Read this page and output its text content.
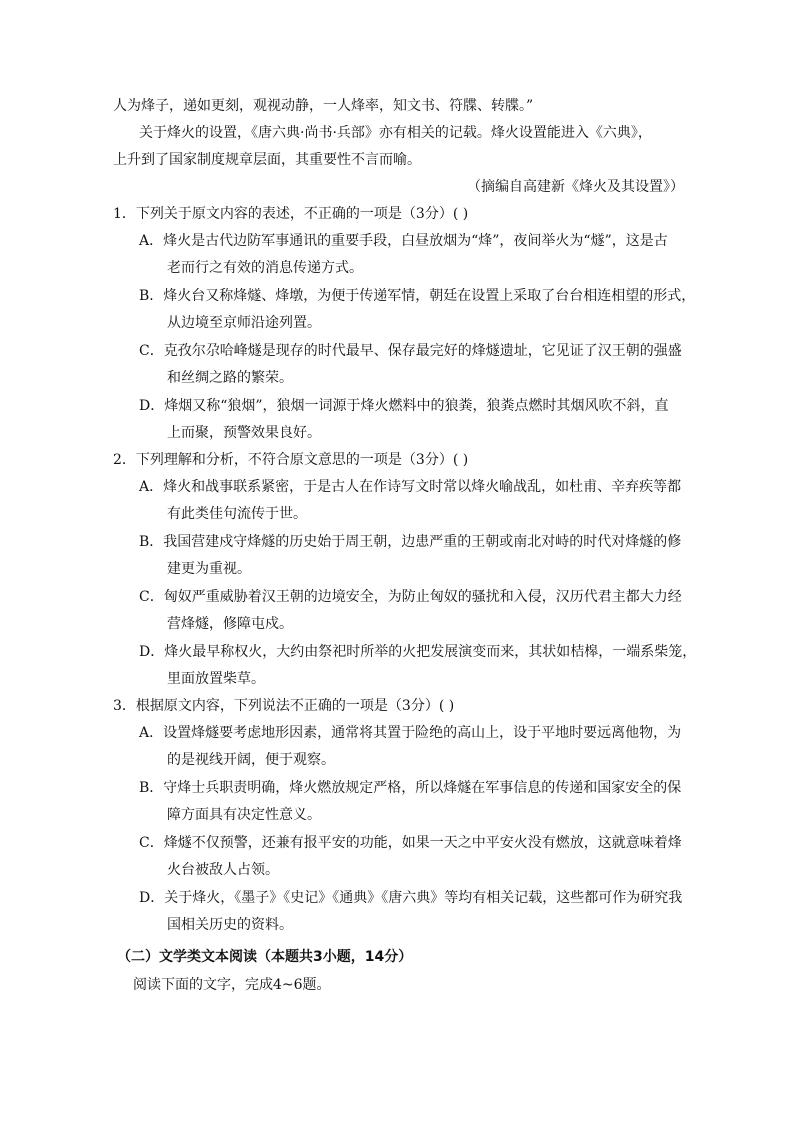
人为烽子，递如更刻，观视动静，一人烽率，知文书、符牒、转牒。”
关于烽火的设置，《唐六典·尚书·兵部》亦有相关的记载。烽火设置能进入《六典》，
上升到了国家制度规章层面，其重要性不言而喻。
（摘编自高建新《烽火及其设置》）
1．下列关于原文内容的表述，不正确的一项是（3分）( )
A．烽火是古代边防军事通讯的重要手段，白昼放烟为“烽”，夜间举火为“燧”，这是古
老而行之有效的消息传递方式。
B．烽火台又称烽燧、烽墩，为便于传递军情，朝廷在设置上采取了台台相连相望的形式，
从边境至京师沿途列置。
C．克孜尔尕哈峰燧是现存的时代最早、保存最完好的烽燧遗址，它见证了汉王朝的强盛
和丝绸之路的繁荣。
D．烽烟又称“狼烟”，狼烟一词源于烽火燃料中的狼粪，狼粪点燃时其烟风吹不斜，直
上而聚，预警效果良好。
2．下列理解和分析，不符合原文意思的一项是（3分）( )
A．烽火和战事联系紧密，于是古人在作诗写文时常以烽火喻战乱，如杜甫、辛弃疾等都
有此类佳句流传于世。
B．我国营建戍守烽燧的历史始于周王朝，边患严重的王朝或南北对峙的时代对烽燧的修
建更为重视。
C．匈奴严重威胁着汉王朝的边境安全，为防止匈奴的骚扰和入侵，汉历代君主都大力经
营烽燧，修障屯戍。
D．烽火最早称权火，大约由祭祀时所举的火把发展演变而来，其状如桔槔，一端系柴笼，
里面放置柴草。
3．根据原文内容，下列说法不正确的一项是（3分）( )
A．设置烽燧要考虑地形因素，通常将其置于险绝的高山上，设于平地时要远离他物，为
的是视线开阔，便于观察。
B．守烽士兵职责明确，烽火燃放规定严格，所以烽燧在军事信息的传递和国家安全的保
障方面具有决定性意义。
C．烽燧不仅预警，还兼有报平安的功能，如果一天之中平安火没有燃放，这就意味着烽
火台被敌人占领。
D．关于烽火，《墨子》《史记》《通典》《唐六典》等均有相关记载，这些都可作为研究我
国相关历史的资料。
（二）文学类文本阅读（本题共3小题，14分）
阅读下面的文字，完成4~6题。
